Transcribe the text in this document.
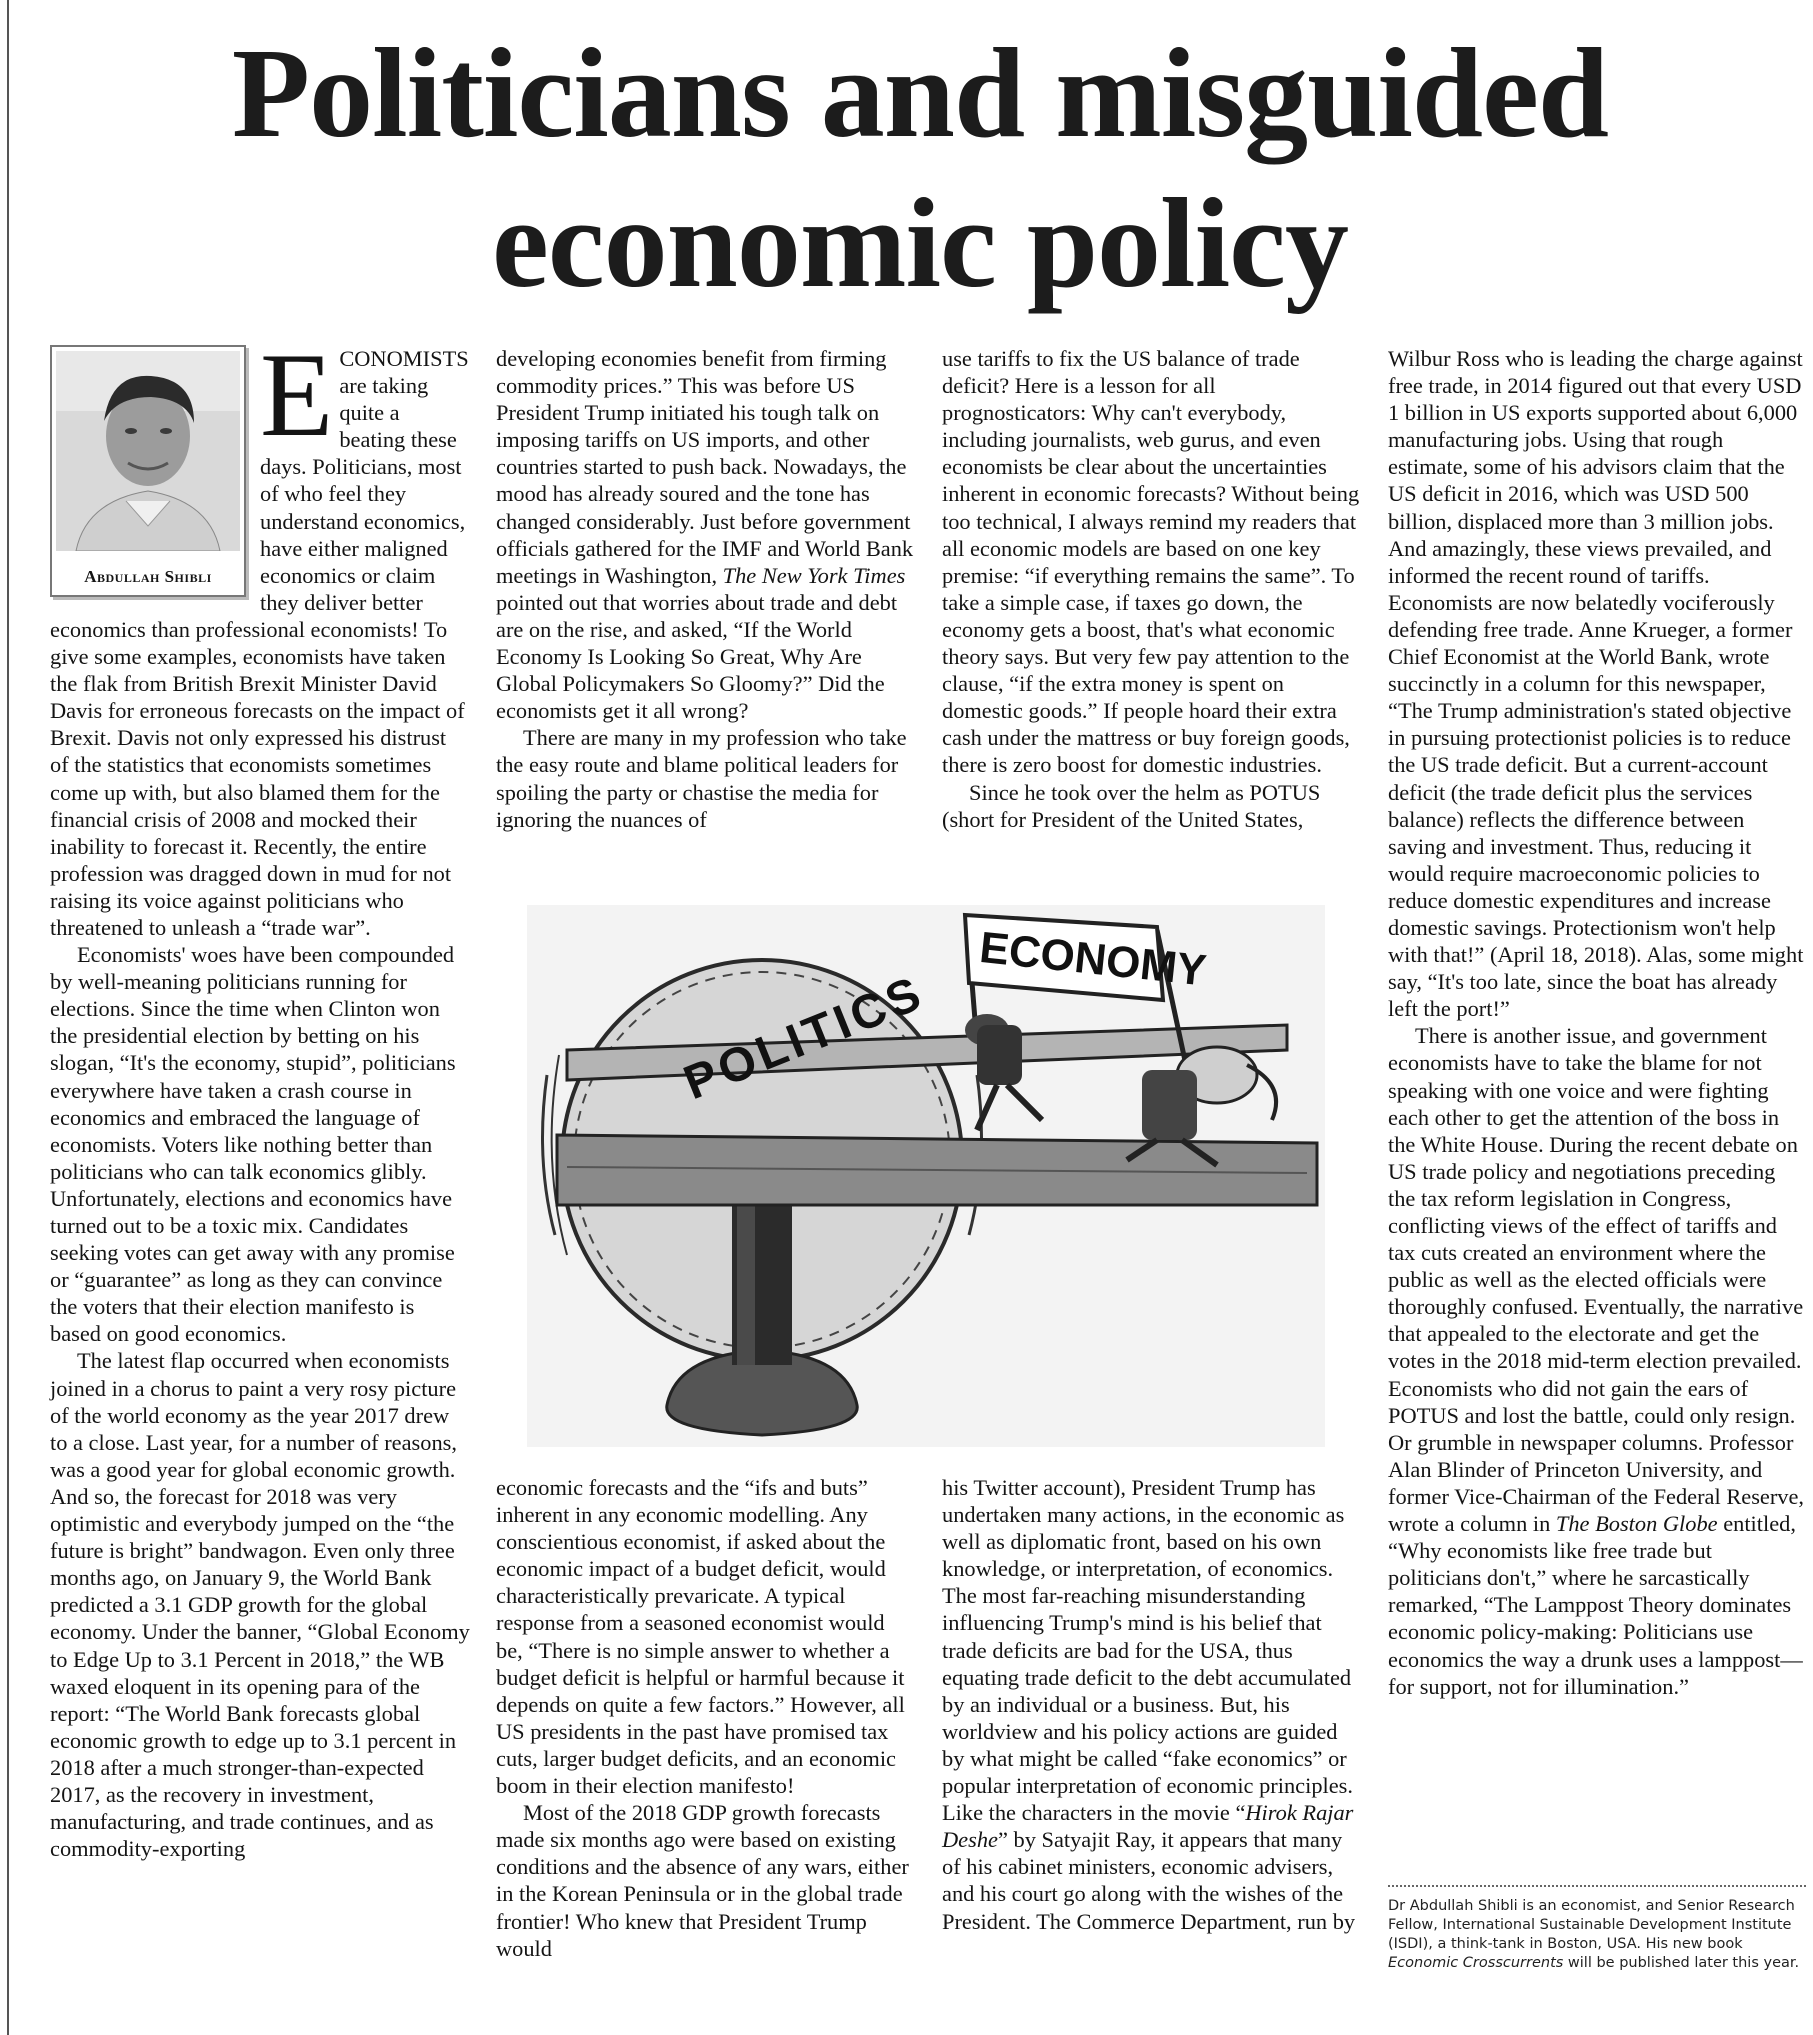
Politicians and misguided
economic policy
Abdullah Shibli

ECONOMISTS are taking quite a beating these days. Politicians, most of who feel they understand economics, have either maligned economics or claim they deliver better economics than professional economists! To give some examples, economists have taken the flak from British Brexit Minister David Davis for erroneous forecasts on the impact of Brexit. Davis not only expressed his distrust of the statistics that economists sometimes come up with, but also blamed them for the financial crisis of 2008 and mocked their inability to forecast it. Recently, the entire profession was dragged down in mud for not raising its voice against politicians who threatened to unleash a “trade war”.

Economists' woes have been compounded by well-meaning politicians running for elections. Since the time when Clinton won the presidential election by betting on his slogan, “It's the economy, stupid”, politicians everywhere have taken a crash course in economics and embraced the language of economists. Voters like nothing better than politicians who can talk economics glibly. Unfortunately, elections and economics have turned out to be a toxic mix. Candidates seeking votes can get away with any promise or “guarantee” as long as they can convince the voters that their election manifesto is based on good economics.

The latest flap occurred when economists joined in a chorus to paint a very rosy picture of the world economy as the year 2017 drew to a close. Last year, for a number of reasons, was a good year for global economic growth. And so, the forecast for 2018 was very optimistic and everybody jumped on the “the future is bright” bandwagon. Even only three months ago, on January 9, the World Bank predicted a 3.1 GDP growth for the global economy. Under the banner, “Global Economy to Edge Up to 3.1 Percent in 2018,” the WB waxed eloquent in its opening para of the report: “The World Bank forecasts global economic growth to edge up to 3.1 percent in 2018 after a much stronger-than-expected 2017, as the recovery in investment, manufacturing, and trade continues, and as commodity-exporting

developing economies benefit from firming commodity prices.” This was before US President Trump initiated his tough talk on imposing tariffs on US imports, and other countries started to push back. Nowadays, the mood has already soured and the tone has changed considerably. Just before government officials gathered for the IMF and World Bank meetings in Washington, The New York Times pointed out that worries about trade and debt are on the rise, and asked, “If the World Economy Is Looking So Great, Why Are Global Policymakers So Gloomy?” Did the economists get it all wrong?

There are many in my profession who take the easy route and blame political leaders for spoiling the party or chastise the media for ignoring the nuances of

use tariffs to fix the US balance of trade deficit? Here is a lesson for all prognosticators: Why can't everybody, including journalists, web gurus, and even economists be clear about the uncertainties inherent in economic forecasts? Without being too technical, I always remind my readers that all economic models are based on one key premise: “if everything remains the same”. To take a simple case, if taxes go down, the economy gets a boost, that's what economic theory says. But very few pay attention to the clause, “if the extra money is spent on domestic goods.” If people hoard their extra cash under the mattress or buy foreign goods, there is zero boost for domestic industries.

Since he took over the helm as POTUS (short for President of the United States,

POLITICS
ECONOMY

economic forecasts and the “ifs and buts” inherent in any economic modelling. Any conscientious economist, if asked about the economic impact of a budget deficit, would characteristically prevaricate. A typical response from a seasoned economist would be, “There is no simple answer to whether a budget deficit is helpful or harmful because it depends on quite a few factors.” However, all US presidents in the past have promised tax cuts, larger budget deficits, and an economic boom in their election manifesto!

Most of the 2018 GDP growth forecasts made six months ago were based on existing conditions and the absence of any wars, either in the Korean Peninsula or in the global trade frontier! Who knew that President Trump would

his Twitter account), President Trump has undertaken many actions, in the economic as well as diplomatic front, based on his own knowledge, or interpretation, of economics. The most far-reaching misunderstanding influencing Trump's mind is his belief that trade deficits are bad for the USA, thus equating trade deficit to the debt accumulated by an individual or a business. But, his worldview and his policy actions are guided by what might be called “fake economics” or popular interpretation of economic principles. Like the characters in the movie “Hirok Rajar Deshe” by Satyajit Ray, it appears that many of his cabinet ministers, economic advisers, and his court go along with the wishes of the President. The Commerce Department, run by

Wilbur Ross who is leading the charge against free trade, in 2014 figured out that every USD 1 billion in US exports supported about 6,000 manufacturing jobs. Using that rough estimate, some of his advisors claim that the US deficit in 2016, which was USD 500 billion, displaced more than 3 million jobs. And amazingly, these views prevailed, and informed the recent round of tariffs. Economists are now belatedly vociferously defending free trade. Anne Krueger, a former Chief Economist at the World Bank, wrote succinctly in a column for this newspaper, “The Trump administration's stated objective in pursuing protectionist policies is to reduce the US trade deficit. But a current-account deficit (the trade deficit plus the services balance) reflects the difference between saving and investment. Thus, reducing it would require macroeconomic policies to reduce domestic expenditures and increase domestic savings. Protectionism won't help with that!” (April 18, 2018). Alas, some might say, “It's too late, since the boat has already left the port!”

There is another issue, and government economists have to take the blame for not speaking with one voice and were fighting each other to get the attention of the boss in the White House. During the recent debate on US trade policy and negotiations preceding the tax reform legislation in Congress, conflicting views of the effect of tariffs and tax cuts created an environment where the public as well as the elected officials were thoroughly confused. Eventually, the narrative that appealed to the electorate and get the votes in the 2018 mid-term election prevailed. Economists who did not gain the ears of POTUS and lost the battle, could only resign. Or grumble in newspaper columns. Professor Alan Blinder of Princeton University, and former Vice-Chairman of the Federal Reserve, wrote a column in The Boston Globe entitled, “Why economists like free trade but politicians don't,” where he sarcastically remarked, “The Lamppost Theory dominates economic policy-making: Politicians use economics the way a drunk uses a lamppost—for support, not for illumination.”

Dr Abdullah Shibli is an economist, and Senior Research Fellow, International Sustainable Development Institute (ISDI), a think-tank in Boston, USA. His new book Economic Crosscurrents will be published later this year.
